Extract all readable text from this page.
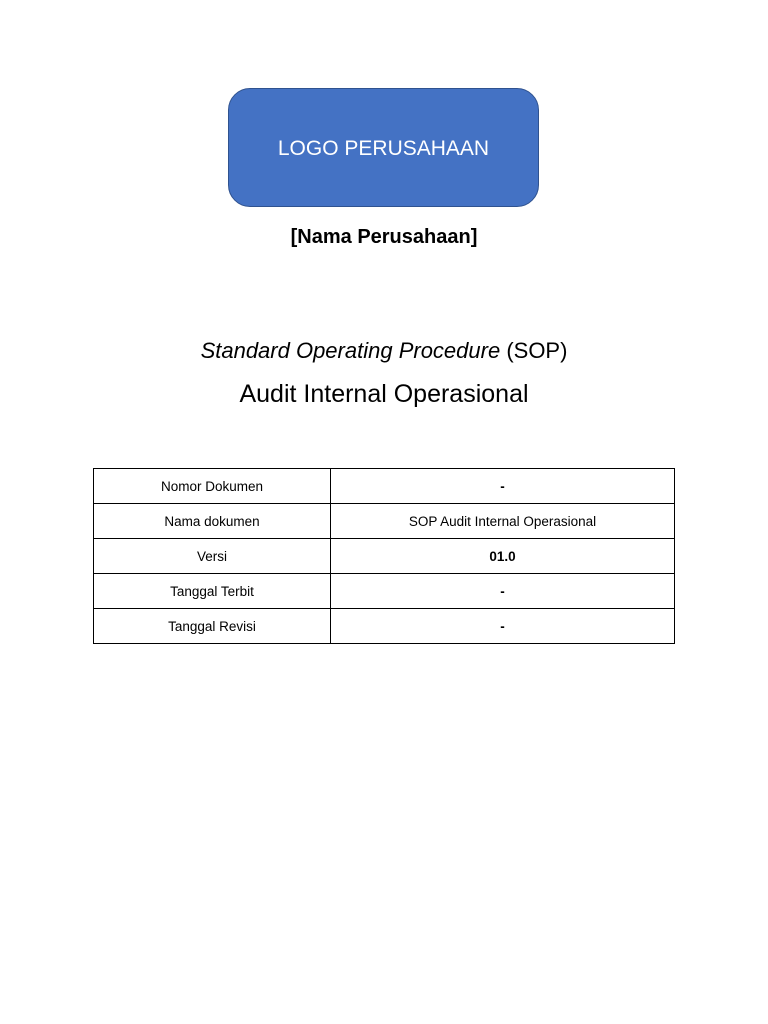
LOGO PERUSAHAAN
[Nama Perusahaan]
Standard Operating Procedure (SOP)
Audit Internal Operasional
Nomor Dokumen	-
Nama dokumen	SOP Audit Internal Operasional
Versi	01.0
Tanggal Terbit	-
Tanggal Revisi	-
